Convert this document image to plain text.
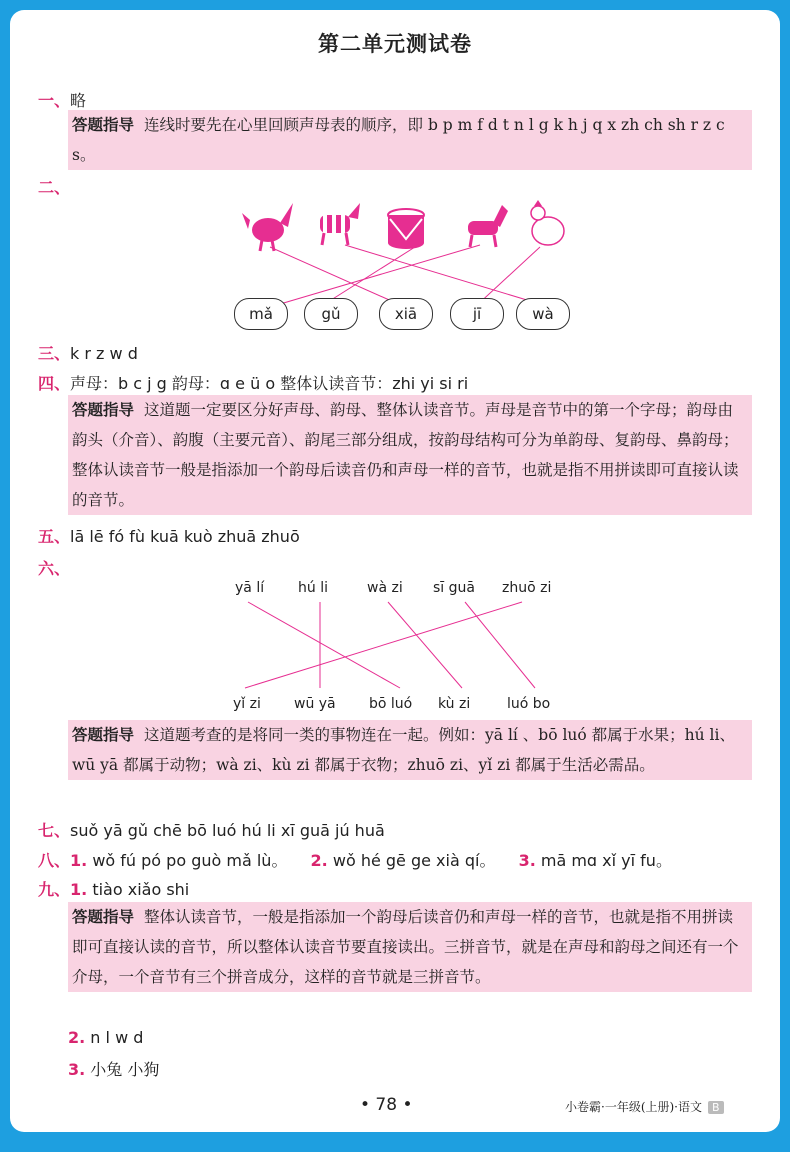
第二单元测试卷
一、略
答题指导 连线时要先在心里回顾声母表的顺序，即 b p m f d t n l g k h j q x zh ch sh r z c s。
二、
mǎ	gǔ	xiā	jī	wà
三、k r z w d
四、声母：b c j g 韵母：ɑ e ü o 整体认读音节：zhi yi si ri
答题指导 这道题一定要区分好声母、韵母、整体认读音节。声母是音节中的第一个字母；韵母由韵头（介音）、韵腹（主要元音）、韵尾三部分组成，按韵母结构可分为单韵母、复韵母、鼻韵母；整体认读音节一般是指添加一个韵母后读音仍和声母一样的音节，也就是指不用拼读即可直接认读的音节。
五、lā lē fó fù kuā kuò zhuā zhuō
六、
yā lí hú li	wà zi sī guā zhuō zi
yǐ zi wū yā bō luó kù zi	luó bo
答题指导 这道题考查的是将同一类的事物连在一起。例如：yā lí 、bō luó 都属于水果；hú li、wū yā 都属于动物；wà zi、kù zi 都属于衣物；zhuō zi、yǐ zi 都属于生活必需品。
七、suǒ yā gǔ chē bō luó hú li xī guā jú huā
八、1. wǒ fú pó po guò mǎ lù。 2. wǒ hé gē ge xià qí。 3. mā mɑ xǐ yī fu。
九、1. tiào xiǎo shi
答题指导 整体认读音节，一般是指添加一个韵母后读音仍和声母一样的音节，也就是指不用拼读即可直接认读的音节，所以整体认读音节要直接读出。三拼音节，就是在声母和韵母之间还有一个介母，一个音节有三个拼音成分，这样的音节就是三拼音节。
2. n l w d
3. 小兔 小狗
• 78 •	小卷霸·一年级(上册)·语文 B
